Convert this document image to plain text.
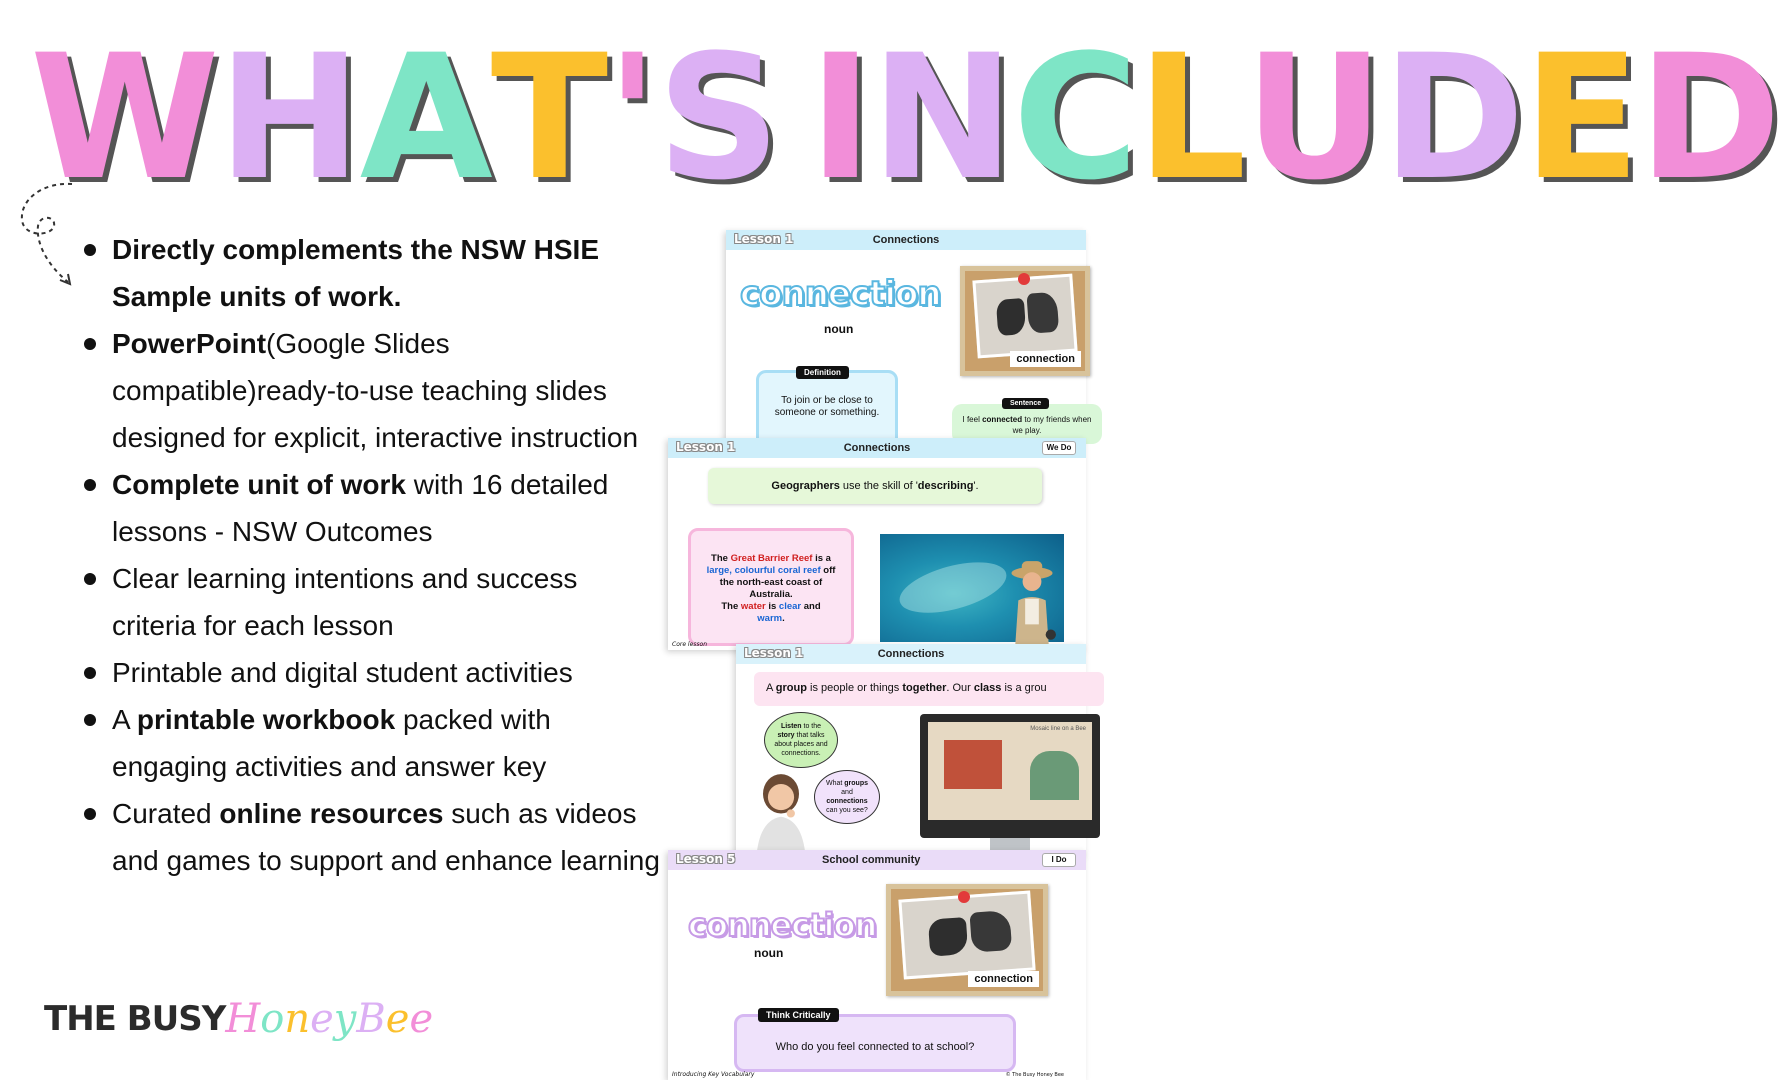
WHAT'S INCLUDED
Directly complements the NSW HSIE Sample units of work.
PowerPoint(Google Slides compatible)ready-to-use teaching slides designed for explicit, interactive instruction
Complete unit of work with 16 detailed lessons - NSW Outcomes
Clear learning intentions and success criteria for each lesson
Printable and digital student activities
A printable workbook packed with engaging activities and answer key
Curated online resources such as videos and games to support and enhance learning
THE BUSYHoneyBee
Lesson 1	Connections
connection
noun
connection
To join or be close to someone or something.
Definition
I feel connected to my friends when we play.
Sentence
Lesson 1	Connections	We Do
Geographers use the skill of 'describing'.
The Great Barrier Reef is a large, colourful coral reef off the north-east coast of Australia.
The water is clear and
warm.
Core lesson
Lesson 1	Connections
A group is people or things together. Our class is a grou
Listen to the story that talks about places and connections.
What groups
and
connections
can you see?
Mosaic line on a Bee
Lesson 5	School community	I Do
connection
noun
connection
Who do you feel connected to at school?
Think Critically
Introducing Key Vocabulary	© The Busy Honey Bee
